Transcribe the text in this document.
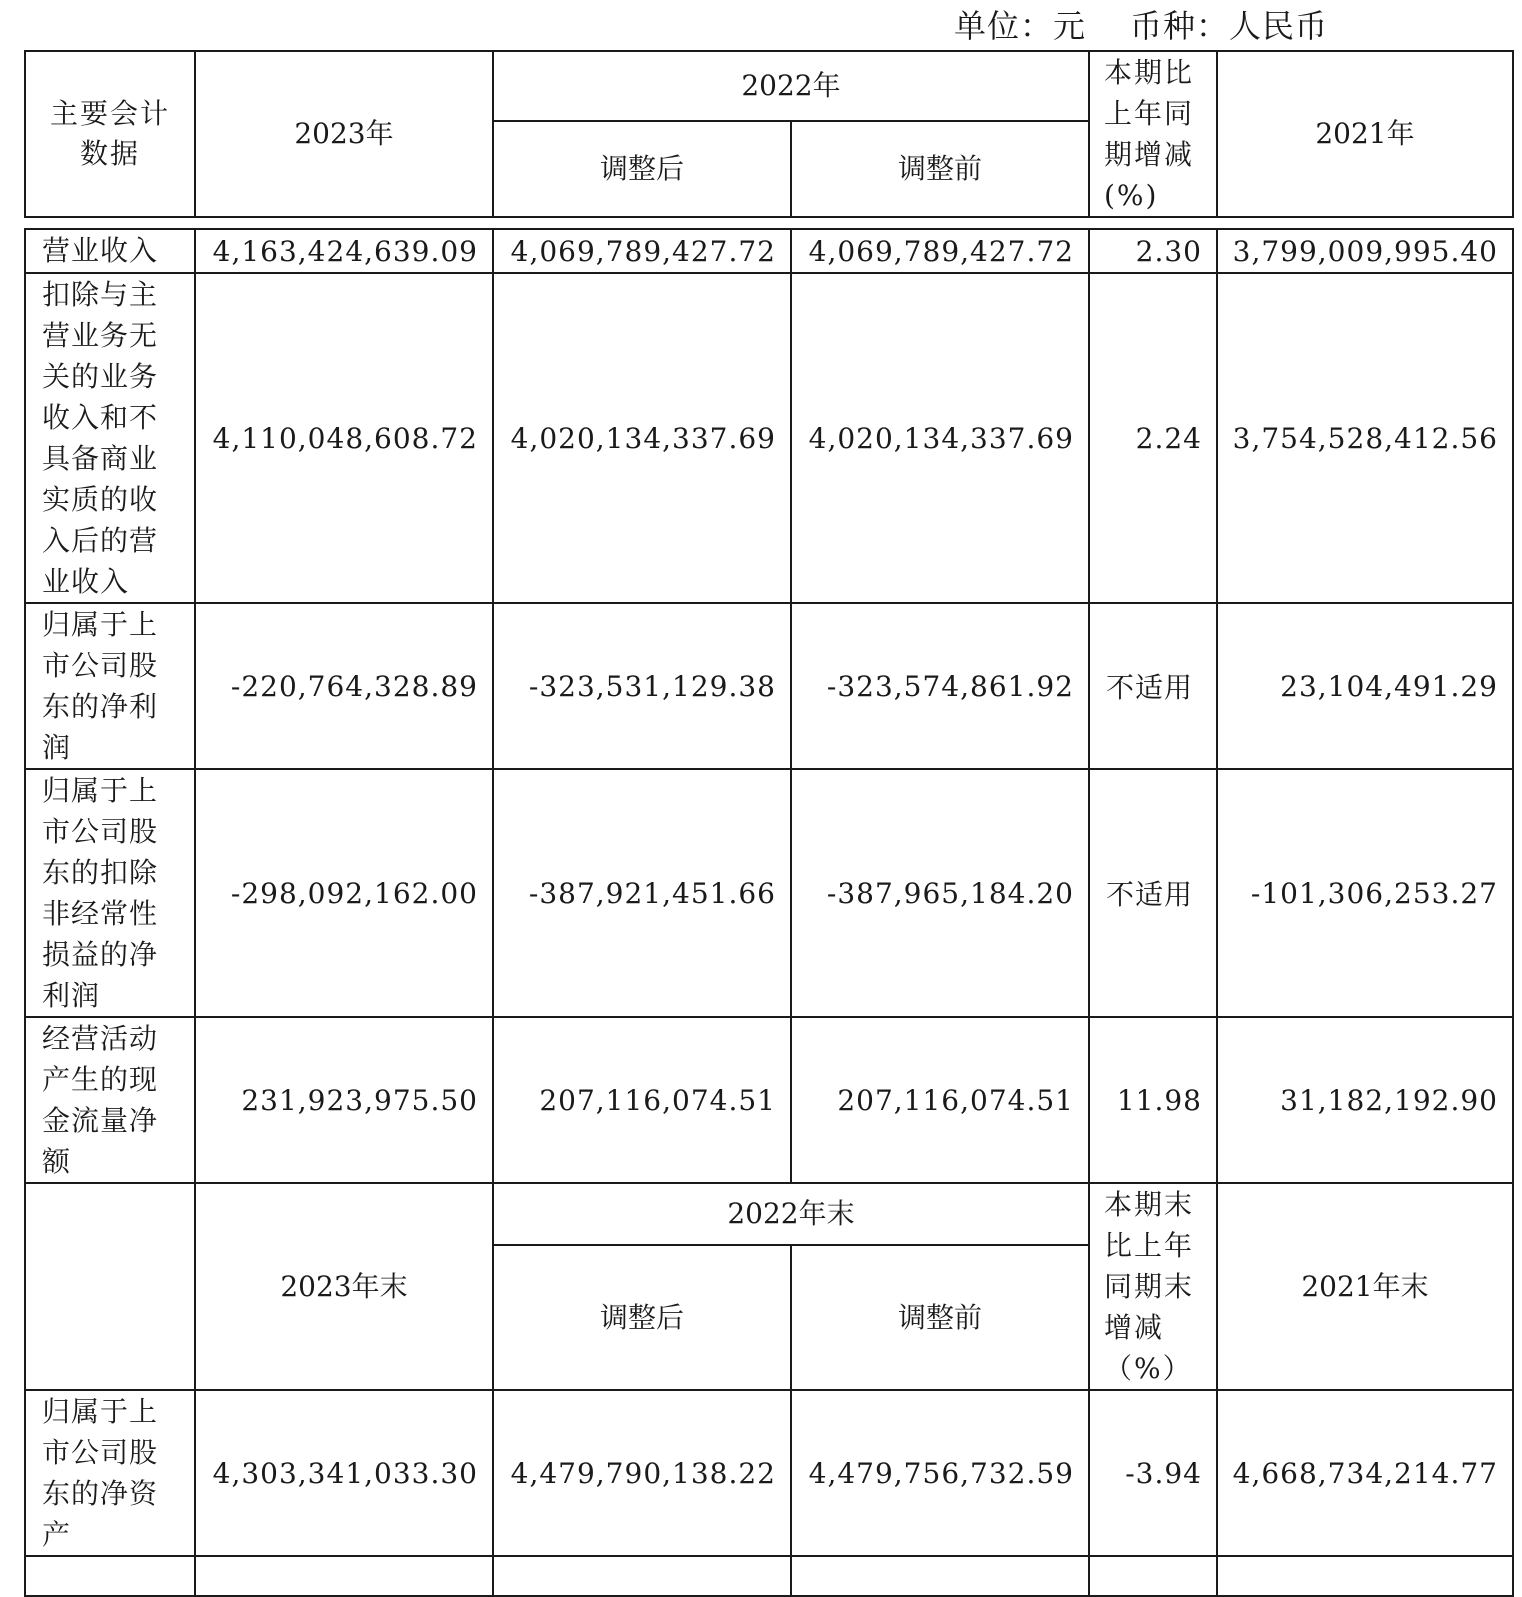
单位：元 币种：人民币
主要会计数据	2023年	2022年		本期比上年同期增减(%)	2021年
		调整后	调整前		
营业收入	4,163,424,639.09	4,069,789,427.72	4,069,789,427.72	2.30	3,799,009,995.40

扣除与主营业务无关的业务收入和不具备商业实质的收入后的营业收入	4,110,048,608.72	4,020,134,337.69	4,020,134,337.69	2.24	3,754,528,412.56

归属于上市公司股东的净利润	-220,764,328.89	-323,531,129.38	-323,574,861.92	不适用	23,104,491.29

归属于上市公司股东的扣除非经常性损益的净利润	-298,092,162.00	-387,921,451.66	-387,965,184.20	不适用	-101,306,253.27

经营活动产生的现金流量净额	231,923,975.50	207,116,074.51	207,116,074.51	11.98	31,182,192.90
	2023年末	2022年末		本期末比上年同期末增减（%）	2021年末
		调整后	调整前		

归属于上市公司股东的净资产	4,303,341,033.30	4,479,790,138.22	4,479,756,732.59	-3.94	4,668,734,214.77
